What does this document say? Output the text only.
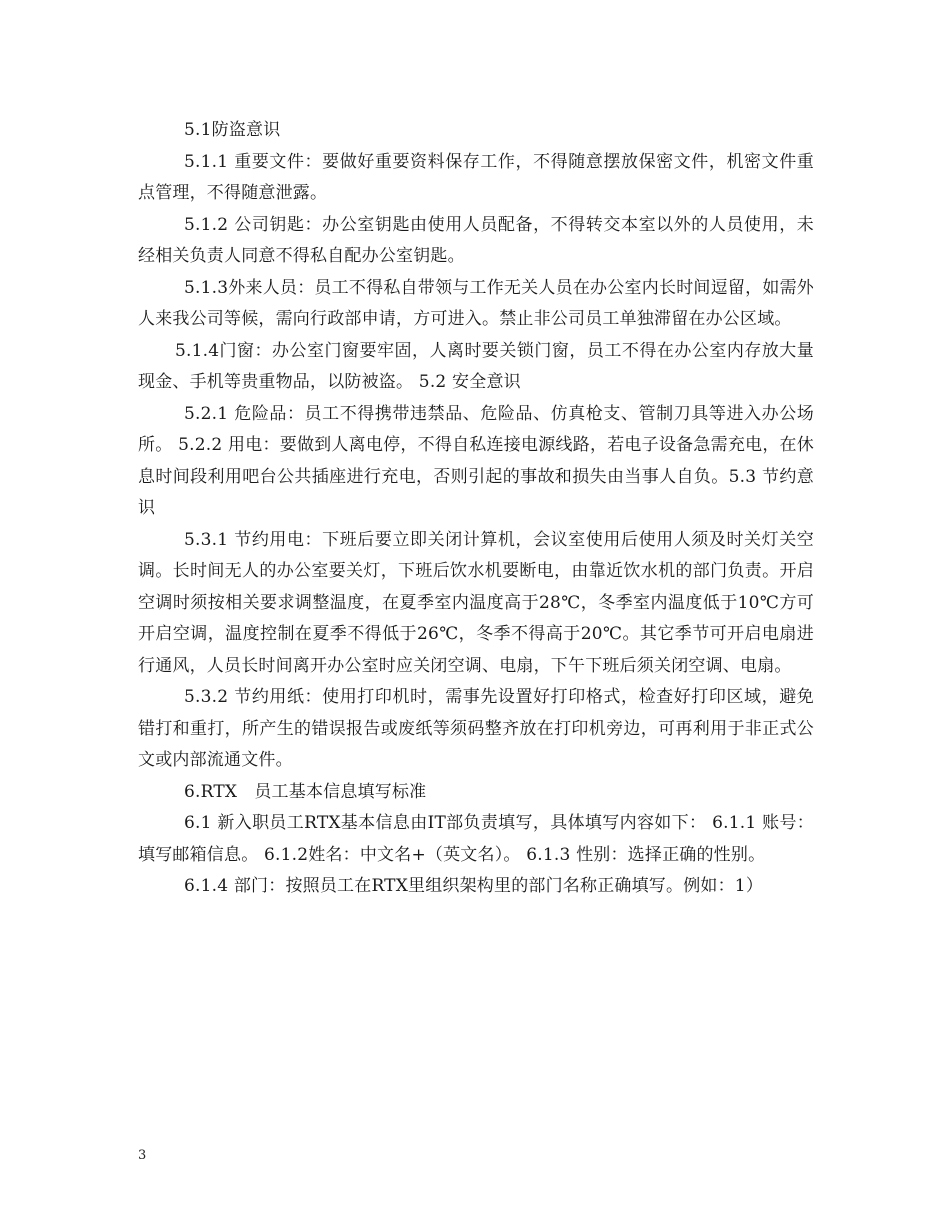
5.1防盗意识

5.1.1 重要文件：要做好重要资料保存工作，不得随意摆放保密文件，机密文件重点管理，不得随意泄露。

5.1.2 公司钥匙：办公室钥匙由使用人员配备，不得转交本室以外的人员使用，未经相关负责人同意不得私自配办公室钥匙。

5.1.3外来人员：员工不得私自带领与工作无关人员在办公室内长时间逗留，如需外人来我公司等候，需向行政部申请，方可进入。禁止非公司员工单独滞留在办公区域。

5.1.4门窗：办公室门窗要牢固，人离时要关锁门窗，员工不得在办公室内存放大量现金、手机等贵重物品，以防被盗。 5.2 安全意识

5.2.1 危险品：员工不得携带违禁品、危险品、仿真枪支、管制刀具等进入办公场所。 5.2.2 用电：要做到人离电停，不得自私连接电源线路，若电子设备急需充电，在休息时间段利用吧台公共插座进行充电，否则引起的事故和损失由当事人自负。5.3 节约意识

5.3.1 节约用电：下班后要立即关闭计算机，会议室使用后使用人须及时关灯关空调。长时间无人的办公室要关灯，下班后饮水机要断电，由靠近饮水机的部门负责。开启空调时须按相关要求调整温度，在夏季室内温度高于28℃，冬季室内温度低于10℃方可开启空调，温度控制在夏季不得低于26℃，冬季不得高于20℃。其它季节可开启电扇进行通风，人员长时间离开办公室时应关闭空调、电扇，下午下班后须关闭空调、电扇。

5.3.2 节约用纸：使用打印机时，需事先设置好打印格式，检查好打印区域，避免错打和重打，所产生的错误报告或废纸等须码整齐放在打印机旁边，可再利用于非正式公文或内部流通文件。

6.RTX　员工基本信息填写标准

6.1 新入职员工RTX基本信息由IT部负责填写，具体填写内容如下： 6.1.1 账号：填写邮箱信息。 6.1.2姓名：中文名+（英文名）。 6.1.3 性别：选择正确的性别。

6.1.4 部门：按照员工在RTX里组织架构里的部门名称正确填写。例如：1）

3
